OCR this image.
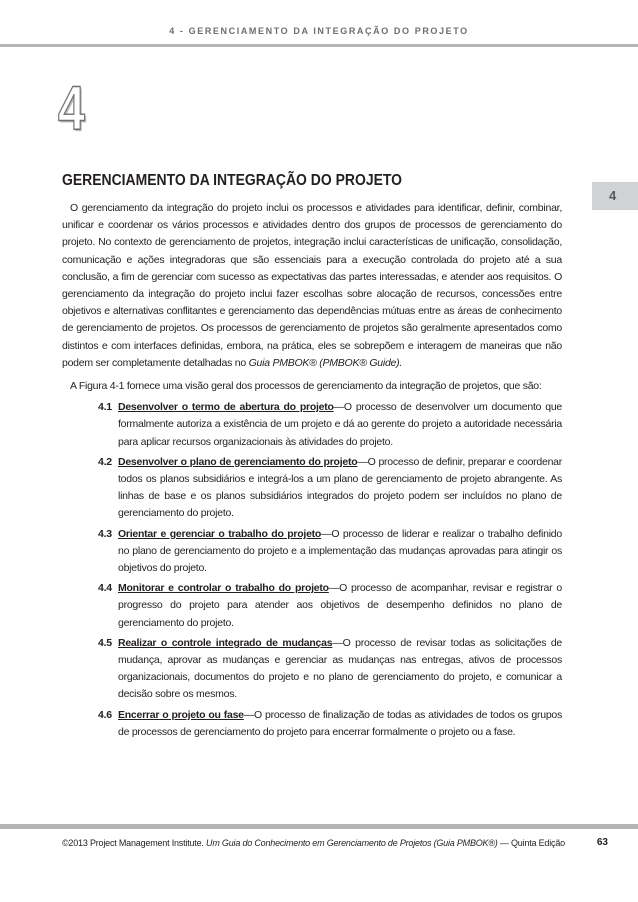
4 - GERENCIAMENTO DA INTEGRAÇÃO DO PROJETO
4
4
GERENCIAMENTO DA INTEGRAÇÃO DO PROJETO

O gerenciamento da integração do projeto inclui os processos e atividades para identificar, definir, combinar, unificar e coordenar os vários processos e atividades dentro dos grupos de processos de gerenciamento do projeto. No contexto de gerenciamento de projetos, integração inclui características de unificação, consolidação, comunicação e ações integradoras que são essenciais para a execução controlada do projeto até a sua conclusão, a fim de gerenciar com sucesso as expectativas das partes interessadas, e atender aos requisitos. O gerenciamento da integração do projeto inclui fazer escolhas sobre alocação de recursos, concessões entre objetivos e alternativas conflitantes e gerenciamento das dependências mútuas entre as áreas de conhecimento de gerenciamento de projetos. Os processos de gerenciamento de projetos são geralmente apresentados como distintos e com interfaces definidas, embora, na prática, eles se sobrepõem e interagem de maneiras que não podem ser completamente detalhadas no Guia PMBOK® (PMBOK® Guide).

A Figura 4-1 fornece uma visão geral dos processos de gerenciamento da integração de projetos, que são:

4.1 Desenvolver o termo de abertura do projeto—O processo de desenvolver um documento que formalmente autoriza a existência de um projeto e dá ao gerente do projeto a autoridade necessária para aplicar recursos organizacionais às atividades do projeto.
4.2 Desenvolver o plano de gerenciamento do projeto—O processo de definir, preparar e coordenar todos os planos subsidiários e integrá-los a um plano de gerenciamento de projeto abrangente. As linhas de base e os planos subsidiários integrados do projeto podem ser incluídos no plano de gerenciamento do projeto.
4.3 Orientar e gerenciar o trabalho do projeto—O processo de liderar e realizar o trabalho definido no plano de gerenciamento do projeto e a implementação das mudanças aprovadas para atingir os objetivos do projeto.
4.4 Monitorar e controlar o trabalho do projeto—O processo de acompanhar, revisar e registrar o progresso do projeto para atender aos objetivos de desempenho definidos no plano de gerenciamento do projeto.
4.5 Realizar o controle integrado de mudanças—O processo de revisar todas as solicitações de mudança, aprovar as mudanças e gerenciar as mudanças nas entregas, ativos de processos organizacionais, documentos do projeto e no plano de gerenciamento do projeto, e comunicar a decisão sobre os mesmos.
4.6 Encerrar o projeto ou fase—O processo de finalização de todas as atividades de todos os grupos de processos de gerenciamento do projeto para encerrar formalmente o projeto ou a fase.
©2013 Project Management Institute. Um Guia do Conhecimento em Gerenciamento de Projetos (Guia PMBOK®) — Quinta Edição	63
